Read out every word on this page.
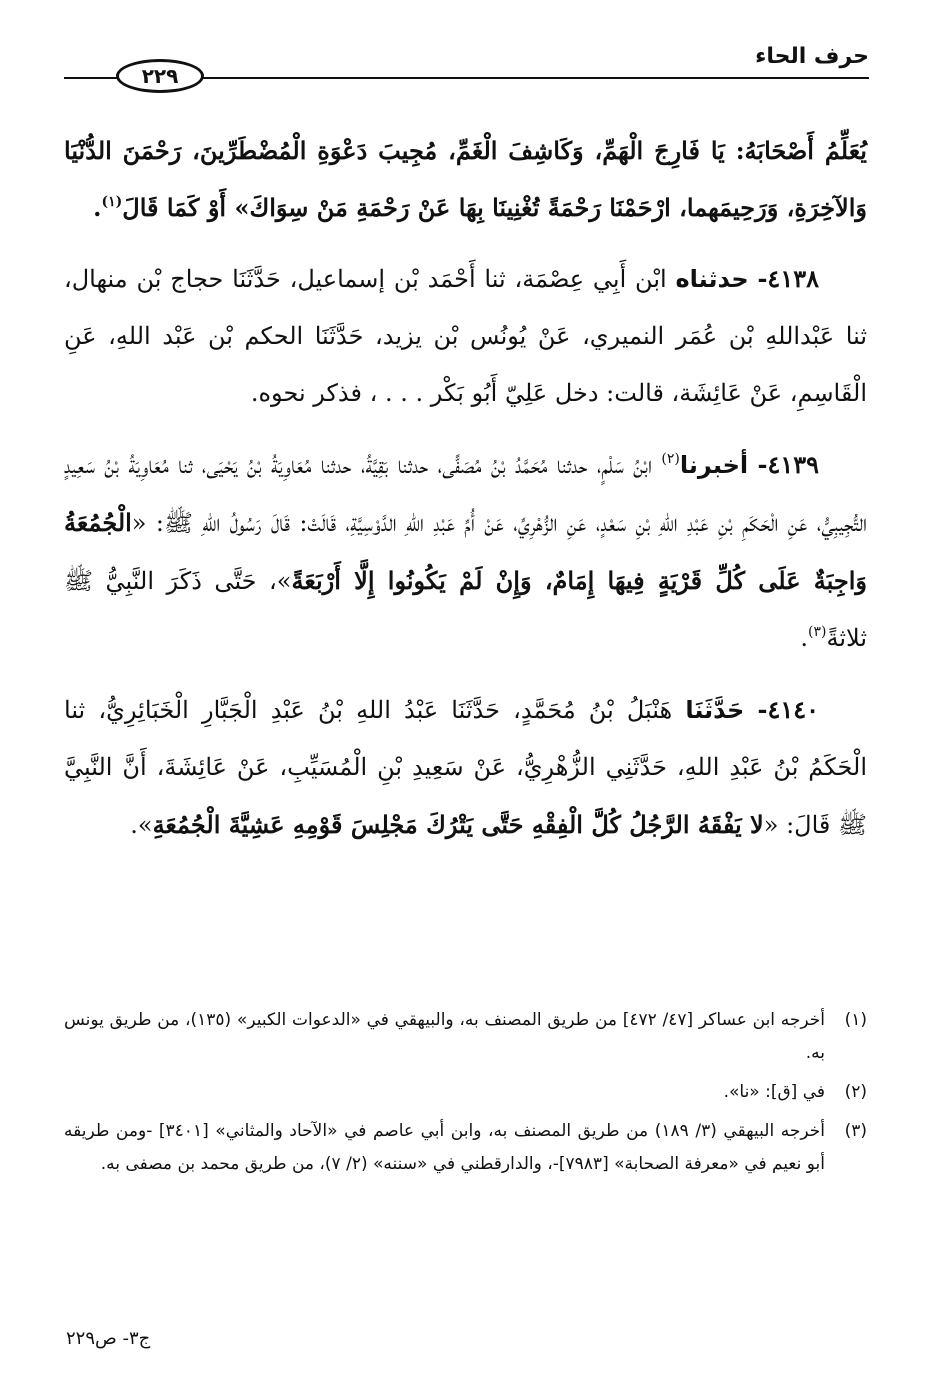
حرف الحاء
٢٢٩

يُعَلِّمُ أَصْحَابَهُ: يَا فَارِجَ الْهَمِّ، وَكَاشِفَ الْغَمِّ، مُجِيبَ دَعْوَةِ الْمُضْطَرِّينَ، رَحْمَنَ الدُّنْيَا وَالآخِرَةِ، وَرَحِيمَهما، ارْحَمْنَا رَحْمَةً تُغْنِينَا بِهَا عَنْ رَحْمَةِ مَنْ سِوَاكَ» أَوْ كَمَا قَالَ$^{(١)}$.

٤١٣٨- حدثناه ابْن أَبِي عِصْمَة، ثنا أَحْمَد بْن إسماعيل، حَدَّثَنَا حجاج بْن منهال، ثنا عَبْداللهِ بْن عُمَر النميري، عَنْ يُونُس بْن يزيد، حَدَّثَنَا الحكم بْن عَبْد اللهِ، عَنِ الْقَاسِمِ، عَنْ عَائِشَة، قالت: دخل عَلِيّ أَبُو بَكْر . . . ، فذكر نحوه.

٤١٣٩- أخبرنا$^{(٢)}$ ابْنُ سَلْمٍ، حدثنا مُحَمَّدُ بْنُ مُصَفًّى، حدثنا بَقِيَّةُ، حدثنا مُعَاوِيَةُ بْنُ يَحْيَى، ثنا مُعَاوِيَةُ بْنُ سَعِيدٍ التُّجِيبِيُّ، عَنِ الْحَكَمِ بْنِ عَبْدِ اللهِ بْنِ سَعْدٍ، عَنِ الزُّهْرِيِّ، عَنْ أُمِّ عَبْدِ اللهِ الدَّوْسِيَّةِ، قَالَتْ: قَالَ رَسُولُ اللهِ ﷺ: «الْجُمُعَةُ وَاجِبَةٌ عَلَى كُلِّ قَرْيَةٍ فِيهَا إِمَامٌ، وَإِنْ لَمْ يَكُونُوا إِلَّا أَرْبَعَةً»، حَتَّى ذَكَرَ النَّبِيُّ ﷺ ثلاثةً$^{(٣)}$.

٤١٤٠- حَدَّثَنَا هَنْبَلُ بْنُ مُحَمَّدٍ، حَدَّثَنَا عَبْدُ اللهِ بْنُ عَبْدِ الْجَبَّارِ الْخَبَائِرِيُّ، ثنا الْحَكَمُ بْنُ عَبْدِ اللهِ، حَدَّثَنِي الزُّهْرِيُّ، عَنْ سَعِيدِ بْنِ الْمُسَيِّبِ، عَنْ عَائِشَةَ، أَنَّ النَّبِيَّ ﷺ قَالَ: «لا يَفْقَهُ الرَّجُلُ كُلَّ الْفِقْهِ حَتَّى يَتْرُكَ مَجْلِسَ قَوْمِهِ عَشِيَّةَ الْجُمُعَةِ».

(١)
أخرجه ابن عساكر [٤٧/ ٤٧٢] من طريق المصنف به، والبيهقي في «الدعوات الكبير» (١٣٥)، من طريق يونس به.

(٢)
في [ق]: «نا».

(٣)
أخرجه البيهقي (٣/ ١٨٩) من طريق المصنف به، وابن أبي عاصم في «الآحاد والمثاني» [٣٤٠١] -ومن طريقه أبو نعيم في «معرفة الصحابة» [٧٩٨٣]-، والدارقطني في «سننه» (٢/ ٧)، من طريق محمد بن مصفى به.

ج٣- ص٢٢٩
